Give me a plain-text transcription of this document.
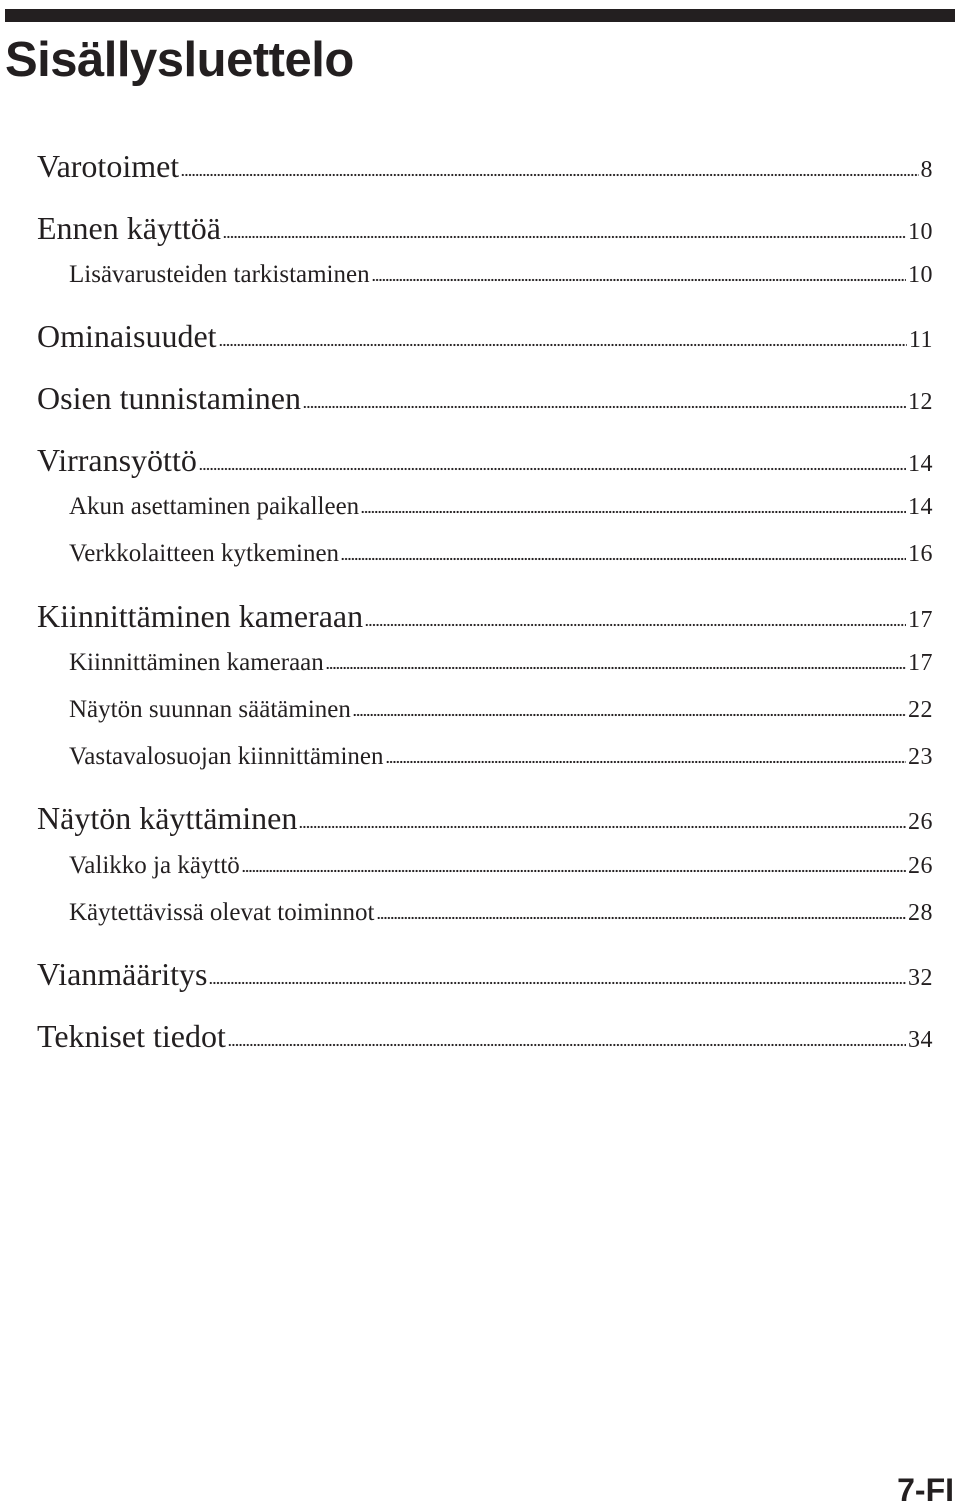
Sisällysluettelo
Varotoimet	8
Ennen käyttöä	10
Lisävarusteiden tarkistaminen	10
Ominaisuudet	11
Osien tunnistaminen	12
Virransyöttö	14
Akun asettaminen paikalleen	14
Verkkolaitteen kytkeminen	16
Kiinnittäminen kameraan	17
Kiinnittäminen kameraan	17
Näytön suunnan säätäminen	22
Vastavalosuojan kiinnittäminen	23
Näytön käyttäminen	26
Valikko ja käyttö	26
Käytettävissä olevat toiminnot	28
Vianmääritys	32
Tekniset tiedot	34
7-FI
